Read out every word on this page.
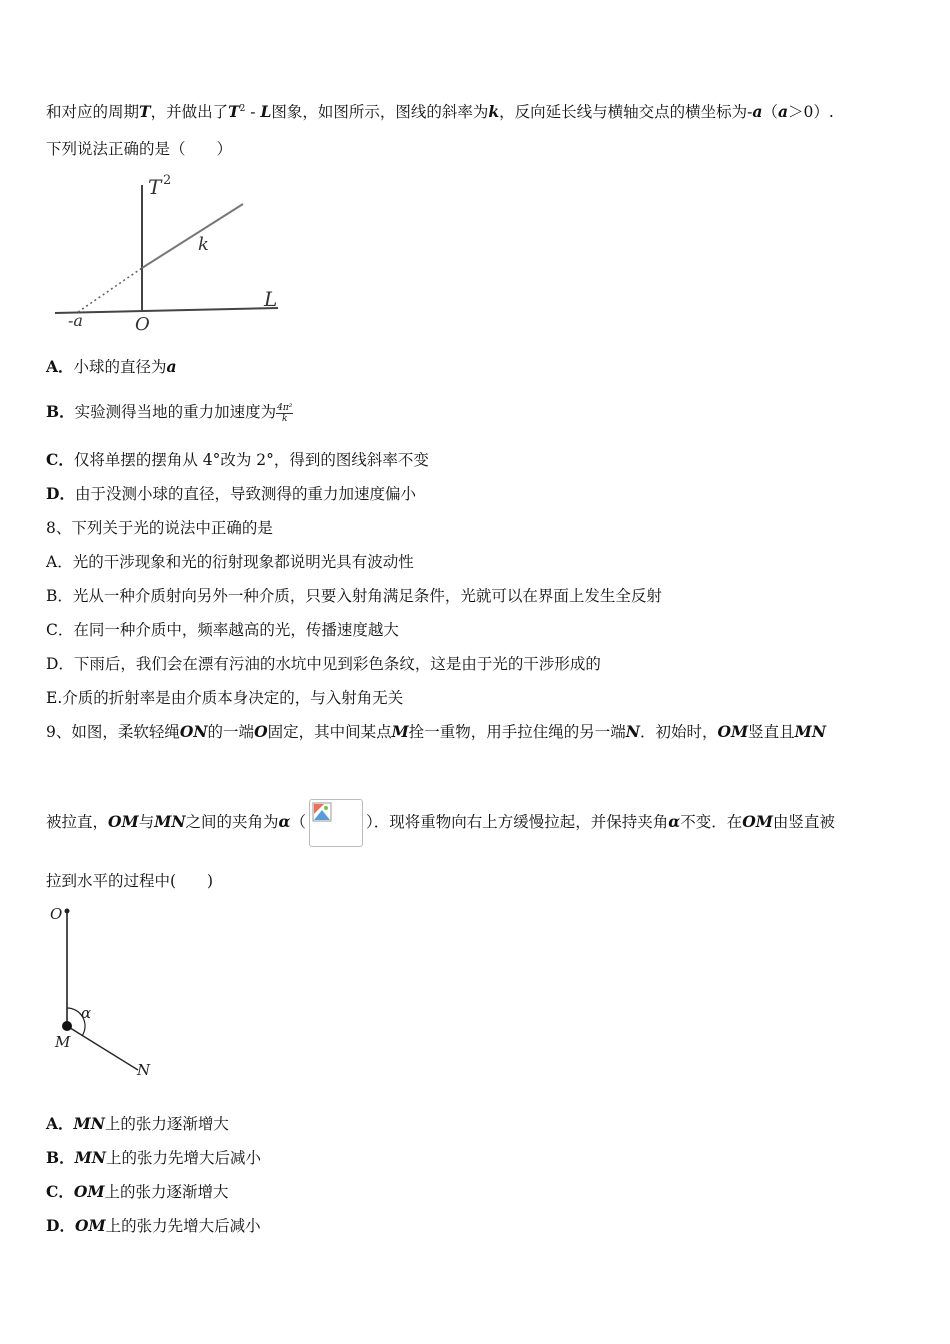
和对应的周期T，并做出了$T^2$ - L图象，如图所示，图线的斜率为k，反向延长线与横轴交点的横坐标为-a（a＞0）.
下列说法正确的是（　　）
T 2
L
O
-a
k
A．小球的直径为a
B．实验测得当地的重力加速度为 $\frac{\text{4π²}}{k}$
C．仅将单摆的摆角从 4°改为 2°，得到的图线斜率不变
D．由于没测小球的直径，导致测得的重力加速度偏小
8、下列关于光的说法中正确的是
A．光的干涉现象和光的衍射现象都说明光具有波动性
B．光从一种介质射向另外一种介质，只要入射角满足条件，光就可以在界面上发生全反射
C．在同一种介质中，频率越高的光，传播速度越大
D．下雨后，我们会在漂有污油的水坑中见到彩色条纹，这是由于光的干涉形成的
E.介质的折射率是由介质本身决定的，与入射角无关
9、如图，柔软轻绳ON的一端O固定，其中间某点M拴一重物，用手拉住绳的另一端N．初始时，OM竖直且MN
被拉直，OM与MN之间的夹角为α（	）．现将重物向右上方缓慢拉起，并保持夹角α不变．在OM由竖直被
拉到水平的过程中(　　)
O
α
M
N
A．MN上的张力逐渐增大
B．MN上的张力先增大后减小
C．OM上的张力逐渐增大
D．OM上的张力先增大后减小
